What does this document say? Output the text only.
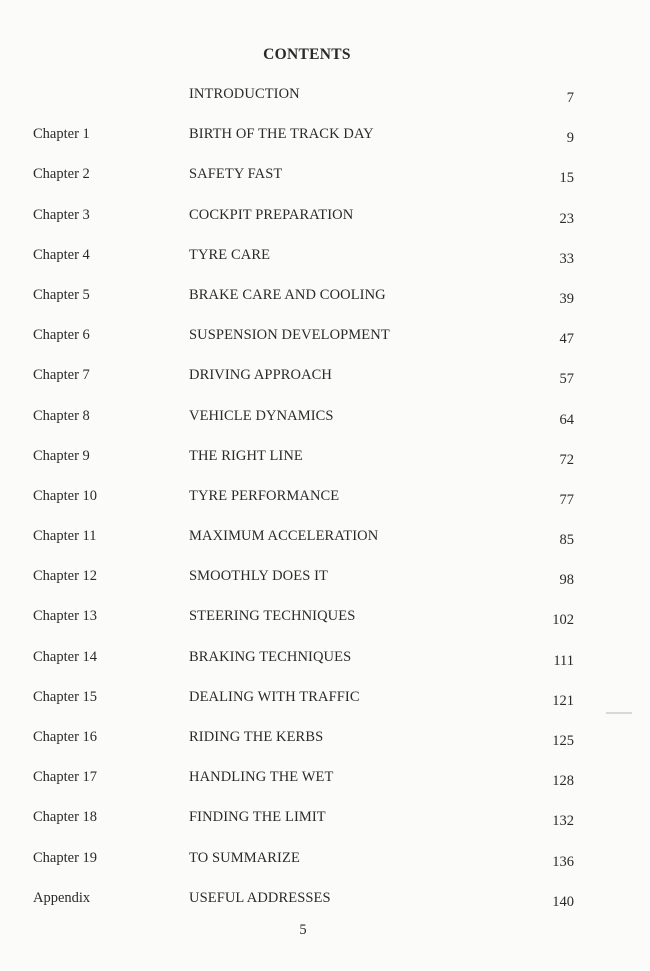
CONTENTS
INTRODUCTION	7
Chapter 1	BIRTH OF THE TRACK DAY	9
Chapter 2	SAFETY FAST	15
Chapter 3	COCKPIT PREPARATION	23
Chapter 4	TYRE CARE	33
Chapter 5	BRAKE CARE AND COOLING	39
Chapter 6	SUSPENSION DEVELOPMENT	47
Chapter 7	DRIVING APPROACH	57
Chapter 8	VEHICLE DYNAMICS	64
Chapter 9	THE RIGHT LINE	72
Chapter 10	TYRE PERFORMANCE	77
Chapter 11	MAXIMUM ACCELERATION	85
Chapter 12	SMOOTHLY DOES IT	98
Chapter 13	STEERING TECHNIQUES	102
Chapter 14	BRAKING TECHNIQUES	111
Chapter 15	DEALING WITH TRAFFIC	121
Chapter 16	RIDING THE KERBS	125
Chapter 17	HANDLING THE WET	128
Chapter 18	FINDING THE LIMIT	132
Chapter 19	TO SUMMARIZE	136
Appendix	USEFUL ADDRESSES	140
5
